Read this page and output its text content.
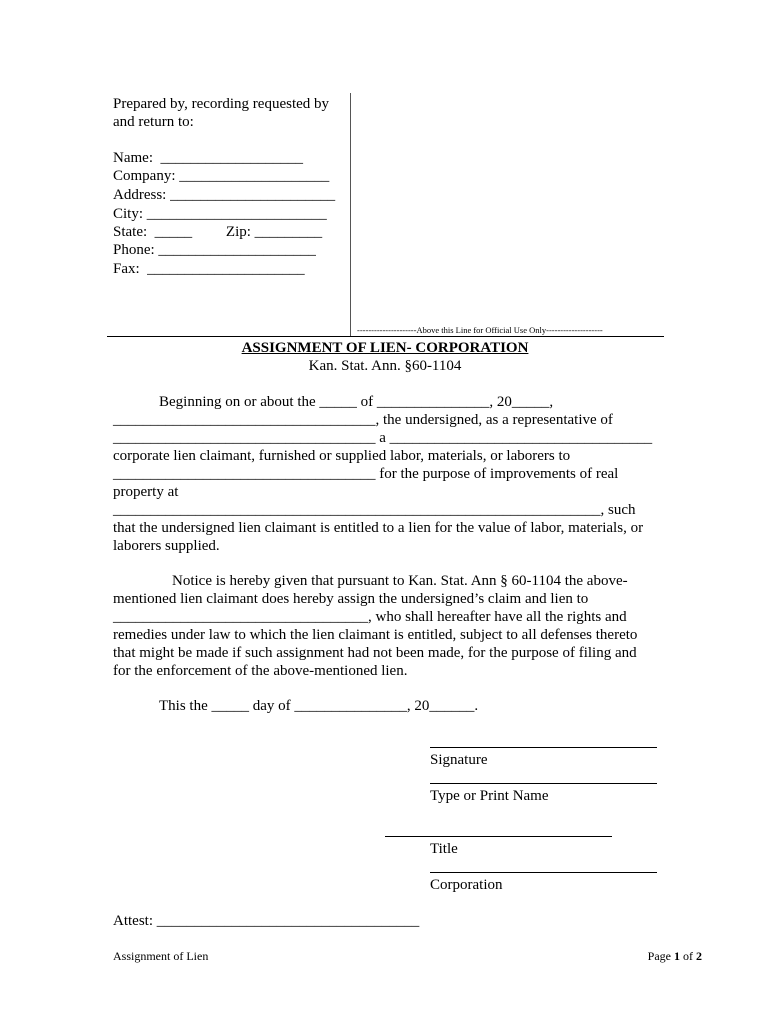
Prepared by, recording requested by
and return to:
Name:  ___________________
Company: ____________________
Address: ______________________
City: ________________________
State:  _____         Zip: _________
Phone: _____________________
Fax:  _____________________
---------------------Above this Line for Official Use Only--------------------
ASSIGNMENT OF LIEN- CORPORATION
Kan. Stat. Ann. §60-1104
Beginning on or about the _____ of _______________, 20_____,
___________________________________, the undersigned, as a representative of
___________________________________ a ___________________________________
corporate lien claimant, furnished or supplied labor, materials, or laborers to
___________________________________ for the purpose of improvements of real
property at
_________________________________________________________________, such
that the undersigned lien claimant is entitled to a lien for the value of labor, materials, or
laborers supplied.
Notice is hereby given that pursuant to Kan. Stat. Ann § 60-1104 the above-
mentioned lien claimant does hereby assign the undersigned’s claim and lien to
__________________________________, who shall hereafter have all the rights and
remedies under law to which the lien claimant is entitled, subject to all defenses thereto
that might be made if such assignment had not been made, for the purpose of filing and
for the enforcement of the above-mentioned lien.
This the _____ day of _______________, 20______.
Signature
Type or Print Name
Title
Corporation
Attest: ___________________________________
Assignment of Lien	Page 1 of 2
